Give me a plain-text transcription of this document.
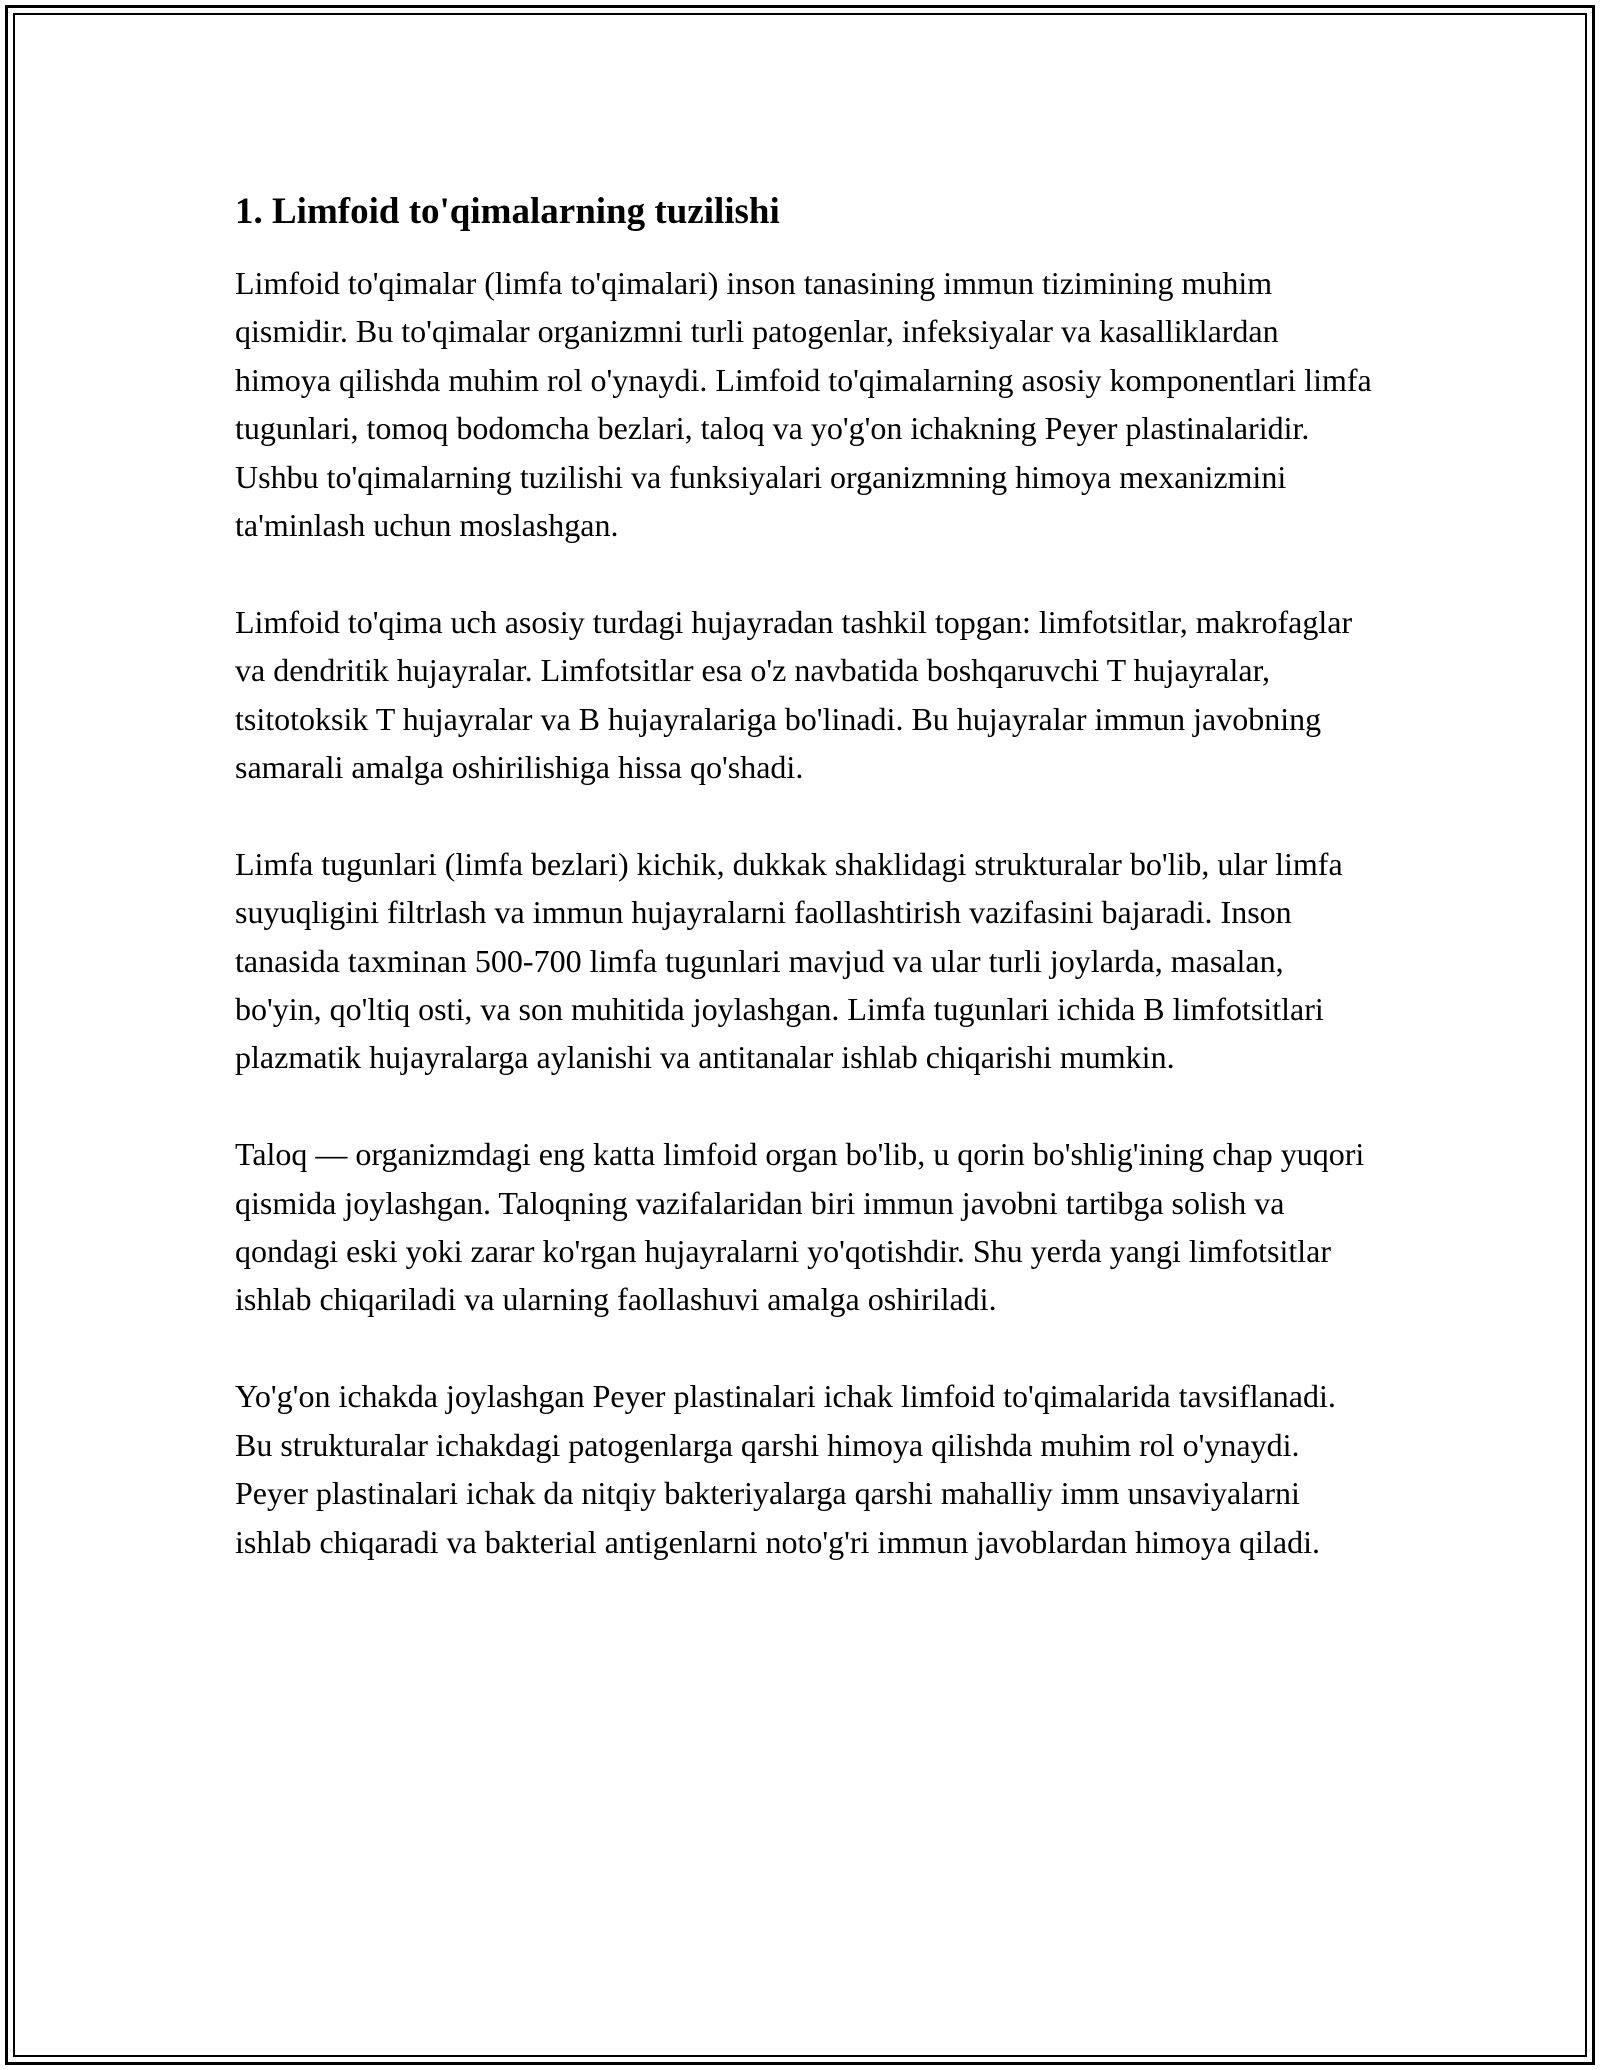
1. Limfoid to'qimalarning tuzilishi

Limfoid to'qimalar (limfa to'qimalari) inson tanasining immun tizimining muhim qismidir. Bu to'qimalar organizmni turli patogenlar, infeksiyalar va kasalliklardan himoya qilishda muhim rol o'ynaydi. Limfoid to'qimalarning asosiy komponentlari limfa tugunlari, tomoq bodomcha bezlari, taloq va yo'g'on ichakning Peyer plastinalaridir. Ushbu to'qimalarning tuzilishi va funksiyalari organizmning himoya mexanizmini ta'minlash uchun moslashgan.

Limfoid to'qima uch asosiy turdagi hujayradan tashkil topgan: limfotsitlar, makrofaglar va dendritik hujayralar. Limfotsitlar esa o'z navbatida boshqaruvchi T hujayralar, tsitotoksik T hujayralar va B hujayralariga bo'linadi. Bu hujayralar immun javobning samarali amalga oshirilishiga hissa qo'shadi.

Limfa tugunlari (limfa bezlari) kichik, dukkak shaklidagi strukturalar bo'lib, ular limfa suyuqligini filtrlash va immun hujayralarni faollashtirish vazifasini bajaradi. Inson tanasida taxminan 500-700 limfa tugunlari mavjud va ular turli joylarda, masalan, bo'yin, qo'ltiq osti, va son muhitida joylashgan. Limfa tugunlari ichida B limfotsitlari plazmatik hujayralarga aylanishi va antitanalar ishlab chiqarishi mumkin.

Taloq — organizmdagi eng katta limfoid organ bo'lib, u qorin bo'shlig'ining chap yuqori qismida joylashgan. Taloqning vazifalaridan biri immun javobni tartibga solish va qondagi eski yoki zarar ko'rgan hujayralarni yo'qotishdir. Shu yerda yangi limfotsitlar ishlab chiqariladi va ularning faollashuvi amalga oshiriladi.

Yo'g'on ichakda joylashgan Peyer plastinalari ichak limfoid to'qimalarida tavsiflanadi. Bu strukturalar ichakdagi patogenlarga qarshi himoya qilishda muhim rol o'ynaydi. Peyer plastinalari ichak da nitqiy bakteriyalarga qarshi mahalliy imm unsaviyalarni ishlab chiqaradi va bakterial antigenlarni noto'g'ri immun javoblardan himoya qiladi.
